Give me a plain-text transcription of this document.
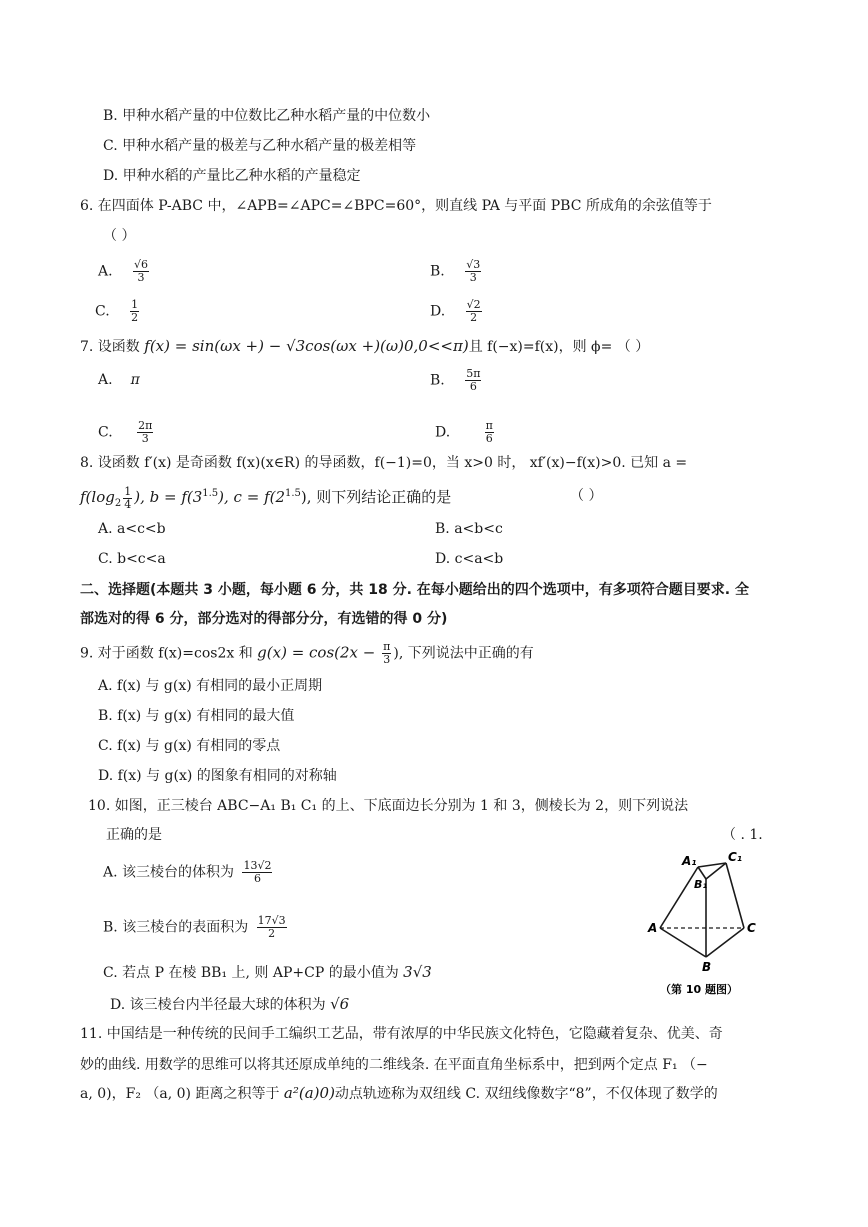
B. 甲种水稻产量的中位数比乙种水稻产量的中位数小
C. 甲种水稻产量的极差与乙种水稻产量的极差相等
D. 甲种水稻的产量比乙种水稻的产量稳定
6. 在四面体 P-ABC 中，∠APB=∠APC=∠BPC=60°，则直线 PA 与平面 PBC 所成角的余弦值等于
（ ）
A. $\frac{√6}{3}$	B. $\frac{√3}{3}$
C. $\frac{1}{2}$	D. $\frac{√2}{2}$
7. 设函数 f(x) = sin(ωx +) − √3cos(ωx +)(ω)0,0<<π)且 f(−x)=f(x)，则 ϕ= （ ）
A. π	B. $\frac{5\pi}{6}$
C. $\frac{2\pi}{3}$	D.	$\frac{\pi}{6}$
8. 设函数 f′(x) 是奇函数 f(x)(x∈R) 的导函数，f(−1)=0，当 x>0 时， xf′(x)−f(x)>0. 已知 a =
$f(\log_2 \frac{1}{4}$ ), $b = f(3^{1.5})$, $c = f(2^{1.5})$, 则下列结论正确的是	（ ）
A. a<c<b	B. a<b<c
C. b<c<a	D. c<a<b
二、选择题(本题共 3 小题，每小题 6 分，共 18 分. 在每小题给出的四个选项中，有多项符合题目要求. 全
部选对的得 6 分，部分选对的得部分分，有选错的得 0 分)
9. 对于函数 f(x)=cos2x 和 $g(x) = \cos(2x - \frac{\pi}{3}$ ), 下列说法中正确的有
A. f(x) 与 g(x) 有相同的最小正周期
B. f(x) 与 g(x) 有相同的最大值
C. f(x) 与 g(x) 有相同的零点
D. f(x) 与 g(x) 的图象有相同的对称轴
10. 如图，正三棱台 ABC−A₁ B₁ C₁ 的上、下底面边长分别为 1 和 3，侧棱长为 2，则下列说法
正确的是	（ . 1.
A. 该三棱台的体积为 $\frac{13√2}{6}$
B. 该三棱台的表面积为 $\frac{17√3}{2}$
C. 若点 P 在棱 BB₁ 上, 则 AP+CP 的最小值为 3√3
D. 该三棱台内半径最大球的体积为 √6
A₁	C₁
B₁
A	C
B
（第 10 题图）
11. 中国结是一种传统的民间手工编织工艺品，带有浓厚的中华民族文化特色，它隐藏着复杂、优美、奇
妙的曲线. 用数学的思维可以将其还原成单纯的二维线条. 在平面直角坐标系中，把到两个定点 F₁ （−
a, 0)，F₂ （a, 0) 距离之积等于 a²(a)0)动点轨迹称为双纽线 C. 双纽线像数字“8”，不仅体现了数学的
